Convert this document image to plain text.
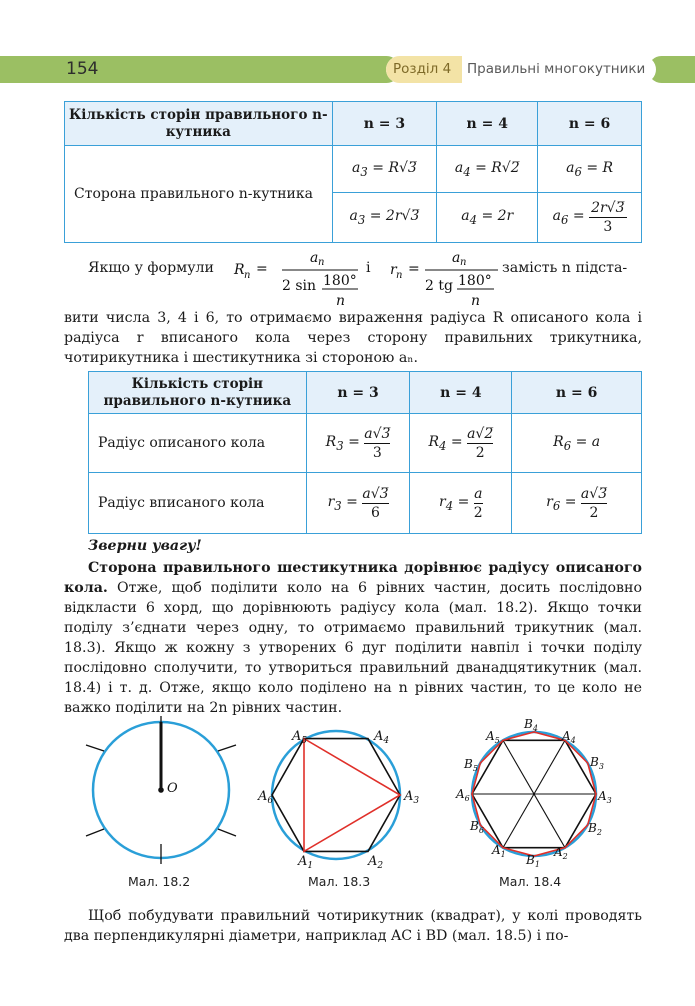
154	Розділ 4 Правильні многокутники
Кількість сторін правильного n-кутника	n = 3	n = 4	n = 6
Сторона правильного n-кутника	$a_3$ = R√3̅	$a_4$ = R√2̅	$a_6 = R$
	$a_3$ = 2r√3̅	$a_4 = 2r$	$a_6 = \frac{2r√3̅}{3}$
Якщо у формули R n =
a n
2 sin 180°
n
r n =
a n
2 tg 180°
n
і	замість n підста-
вити числа 3, 4 і 6, то отримаємо вираження радіуса R описаного кола і радіуса r вписаного кола через сторону правильних трикутника, чотирикутника і шестикутника зі стороною aₙ.
Кількість сторін правильного n-кутника	n = 3	n = 4	n = 6
Радіус описаного кола	$R_3 = \frac{a√3̅}{3}$	$R_4 = \frac{a√2̅}{2}$	$R_6 = a$
Радіус вписаного кола	$r_3 = \frac{a√3̅}{6}$	$r_4 = \frac{a}{2}$	$r_6 = \frac{a√3̅}{2}$
Зверни увагу!
Сторона правильного шестикутника дорівнює радіусу описаного кола. Отже, щоб поділити коло на 6 рівних частин, досить послідовно відкласти 6 хорд, що дорівнюють радіусу кола (мал. 18.2). Якщо точки поділу з’єднати через одну, то отримаємо правильний трикутник (мал. 18.3). Якщо ж кожну з утворених 6 дуг поділити навпіл і точки поділу послідовно сполучити, то утвориться правильний дванадцятикутник (мал. 18.4) і т. д. Отже, якщо коло поділено на n рівних частин, то це коло не важко поділити на 2n рівних частин.
O
Мал. 18.2
$A_5$	$A_4$
$A_3$
$A_6$
$A_1$	$A_2$
Мал. 18.3
$B_4$
$A_5$	$A_4$
$B_5$	$B_3$
$A_6$	$A_3$
$B_6$	$B_2$
$A_1$	$A_2$
$B_1$
Мал. 18.4
Щоб побудувати правильний чотирикутник (квадрат), у колі проводять два перпендикулярні діаметри, наприклад AC і BD (мал. 18.5) і по-
